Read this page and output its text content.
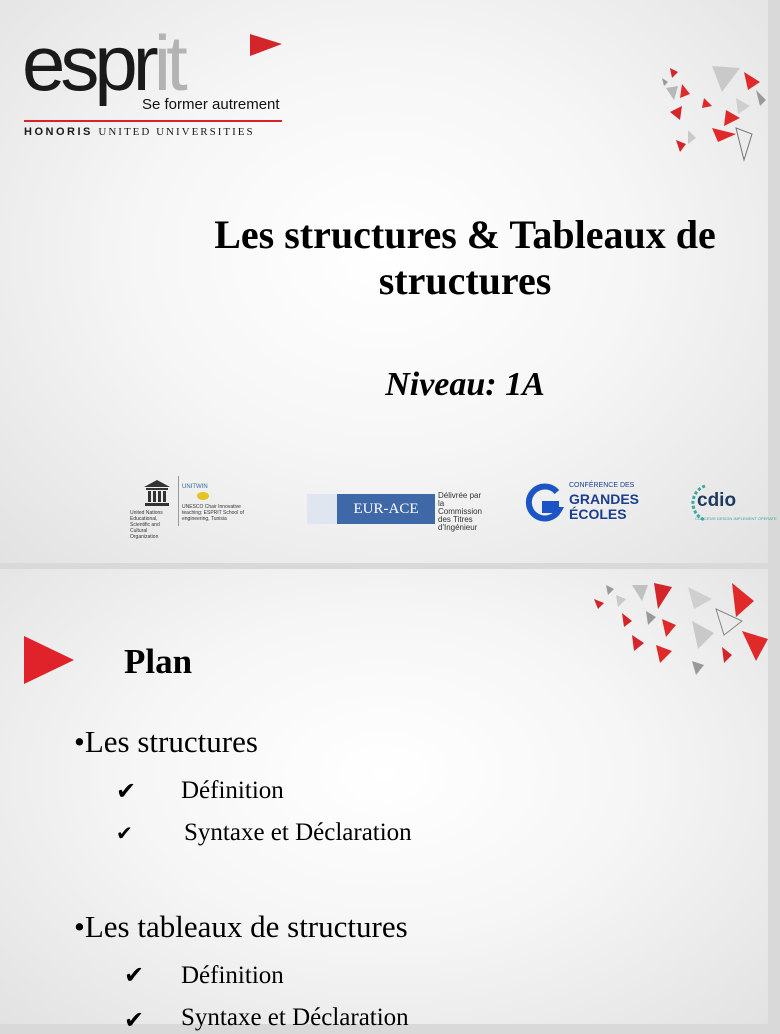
esprit
Se former autrement
HONORIS UNITED UNIVERSITIES
Les structures & Tableaux de
structures
Niveau: 1A
United Nations Educational, Scientific and Cultural Organization
UNITWIN
UNESCO Chair Innovative teaching: ESPRIT School of engineering, Tunisia
EUR-ACE
Délivrée par la
Commission
des Titres
d'Ingénieur
CONFÉRENCE DES
GRANDES
ÉCOLES
cdio
CONCEIVE DESIGN IMPLEMENT OPERATE
Plan
•Les structures
✔ Définition
✔ Syntaxe et Déclaration
•Les tableaux de structures
✔ Définition
✔ Syntaxe et Déclaration
